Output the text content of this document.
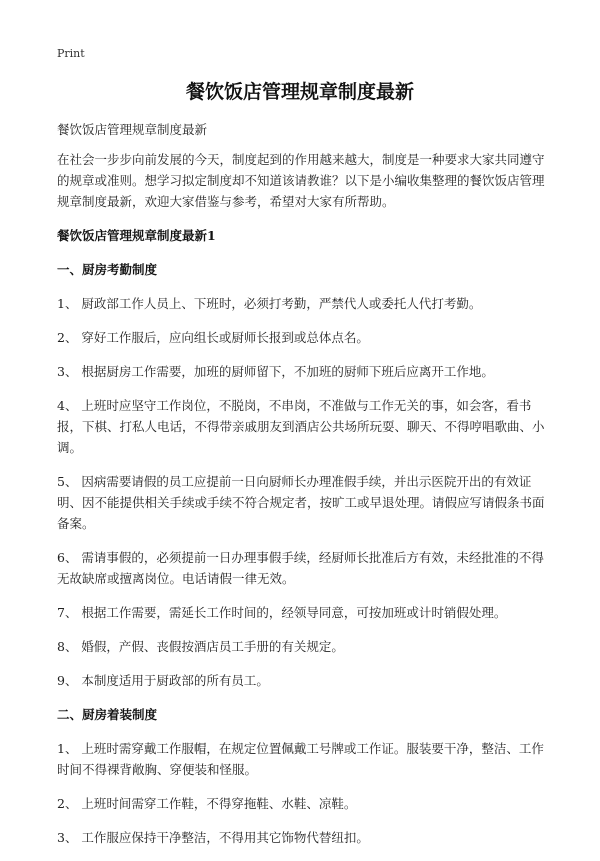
Print
餐饮饭店管理规章制度最新

餐饮饭店管理规章制度最新

在社会一步步向前发展的今天，制度起到的作用越来越大，制度是一种要求大家共同遵守的规章或准则。想学习拟定制度却不知道该请教谁？以下是小编收集整理的餐饮饭店管理规章制度最新，欢迎大家借鉴与参考，希望对大家有所帮助。

餐饮饭店管理规章制度最新1

一、厨房考勤制度

1、 厨政部工作人员上、下班时，必须打考勤，严禁代人或委托人代打考勤。

2、 穿好工作服后，应向组长或厨师长报到或总体点名。

3、 根据厨房工作需要，加班的厨师留下，不加班的厨师下班后应离开工作地。

4、 上班时应坚守工作岗位，不脱岗，不串岗，不准做与工作无关的事，如会客，看书报，下棋、打私人电话，不得带亲戚朋友到酒店公共场所玩耍、聊天、不得哼唱歌曲、小调。

5、 因病需要请假的员工应提前一日向厨师长办理准假手续，并出示医院开出的有效证明、因不能提供相关手续或手续不符合规定者，按旷工或早退处理。请假应写请假条书面备案。

6、 需请事假的，必须提前一日办理事假手续，经厨师长批准后方有效，未经批准的不得无故缺席或擅离岗位。电话请假一律无效。

7、 根据工作需要，需延长工作时间的，经领导同意，可按加班或计时销假处理。

8、 婚假，产假、丧假按酒店员工手册的有关规定。

9、 本制度适用于厨政部的所有员工。

二、厨房着装制度

1、 上班时需穿戴工作服帽，在规定位置佩戴工号牌或工作证。服装要干净，整洁、工作时间不得裸背敞胸、穿便装和怪服。

2、 上班时间需穿工作鞋，不得穿拖鞋、水鞋、凉鞋。

3、 工作服应保持干净整洁，不得用其它饰物代替纽扣。
